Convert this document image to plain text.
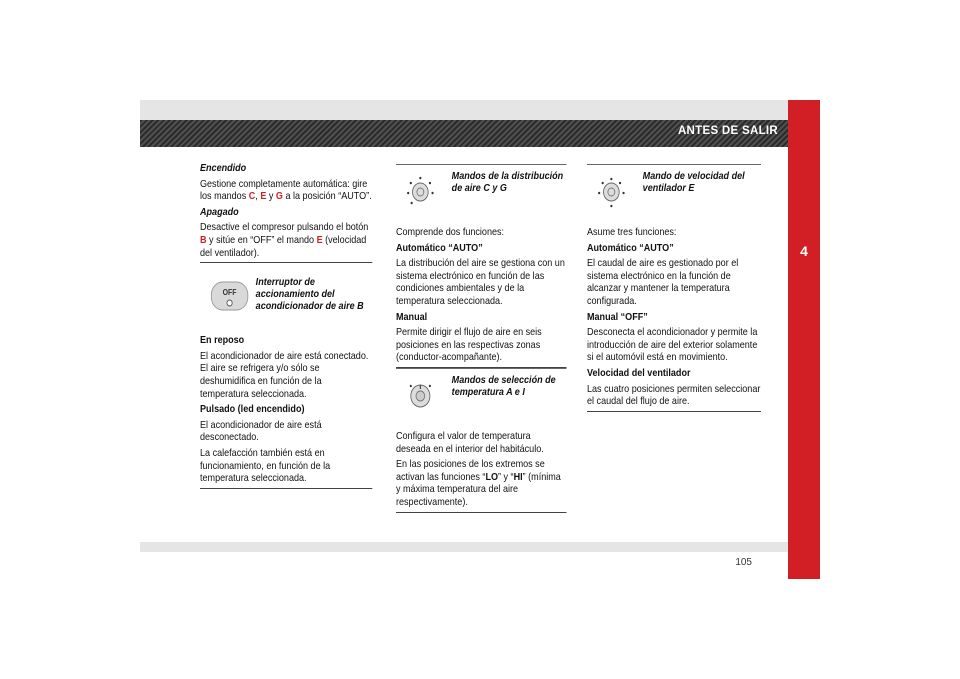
ANTES DE SALIR
4
105

Encendido

Gestione completamente automática: gire los mandos C, E y G a la posición “AUTO”.

Apagado

Desactive el compresor pulsando el botón B y sitúe en “OFF” el mando E (velocidad del ventilador).

OFF
Interruptor de accionamiento del acondicionador de aire B

En reposo

El acondicionador de aire está conectado. El aire se refrigera y/o sólo se deshumidifica en función de la temperatura seleccionada.

Pulsado (led encendido)

El acondicionador de aire está desconectado.

La calefacción también está en funcionamiento, en función de la temperatura seleccionada.

Mandos de la distribución de aire C y G

Comprende dos funciones:

Automático “AUTO”

La distribución del aire se gestiona con un sistema electrónico en función de las condiciones ambientales y de la temperatura seleccionada.

Manual

Permite dirigir el flujo de aire en seis posiciones en las respectivas zonas (conductor-acompañante).

Mandos de selección de temperatura A e I

Configura el valor de temperatura deseada en el interior del habitáculo.

En las posiciones de los extremos se activan las funciones “LO” y “HI” (mínima y máxima temperatura del aire respectivamente).

Mando de velocidad del ventilador E

Asume tres funciones:

Automático “AUTO”

El caudal de aire es gestionado por el sistema electrónico en la función de alcanzar y mantener la temperatura configurada.

Manual “OFF”

Desconecta el acondicionador y permite la introducción de aire del exterior solamente si el automóvil está en movimiento.

Velocidad del ventilador

Las cuatro posiciones permiten seleccionar el caudal del flujo de aire.
